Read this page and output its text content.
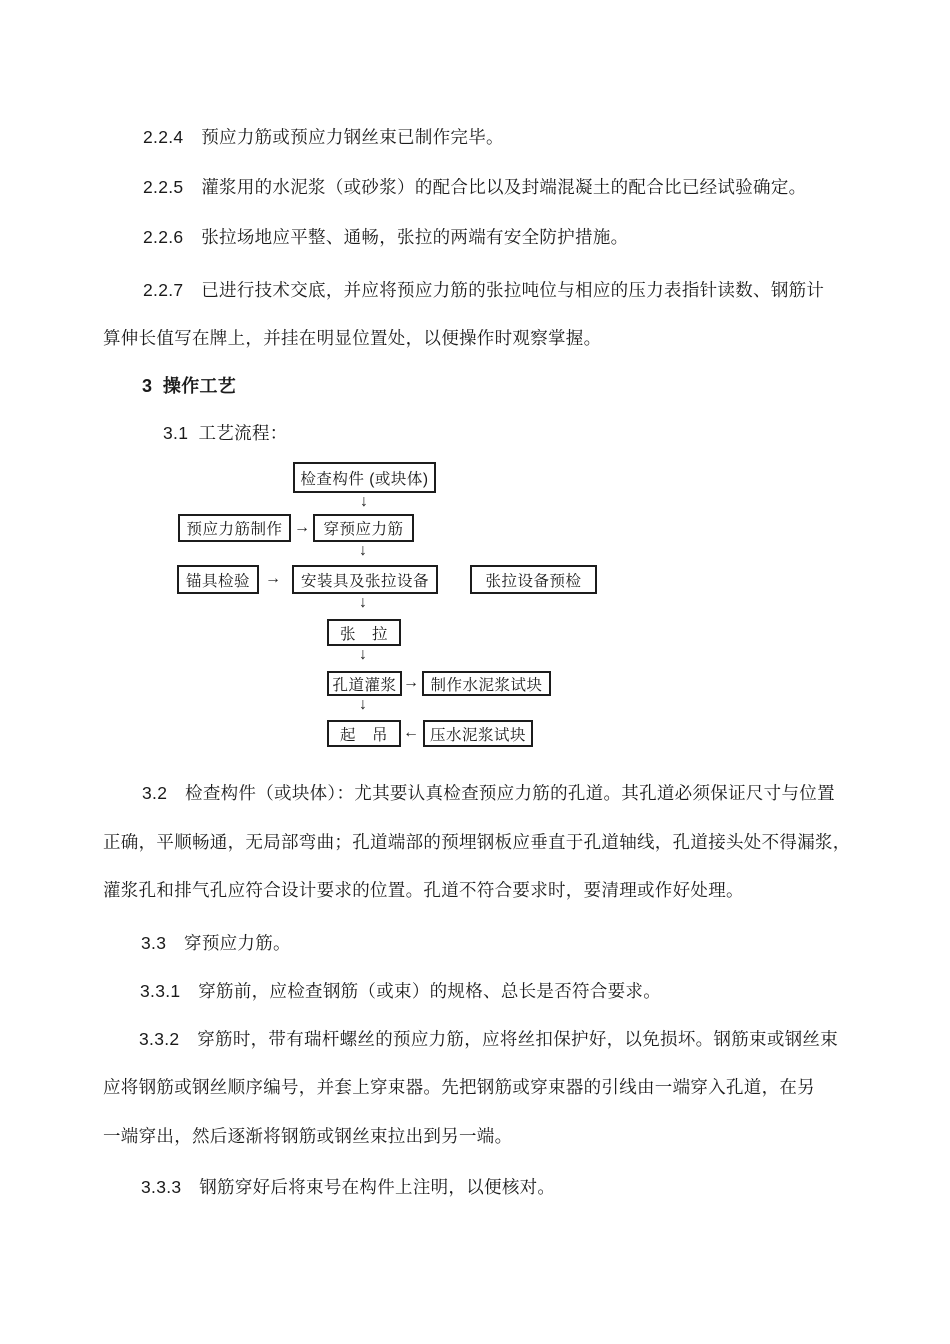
2.2.4　预应力筋或预应力钢丝束已制作完毕。
2.2.5　灌浆用的水泥浆（或砂浆）的配合比以及封端混凝土的配合比已经试验确定。
2.2.6　张拉场地应平整、通畅，张拉的两端有安全防护措施。
2.2.7　已进行技术交底，并应将预应力筋的张拉吨位与相应的压力表指针读数、钢筋计
算伸长值写在牌上，并挂在明显位置处，以便操作时观察掌握。
3  操作工艺
3.1  工艺流程：
检查构件 (或块体)
↓
预应力筋制作 → 穿预应力筋
↓
锚具检验 →	安装具及张拉设备	张拉设备预检
↓
张　拉
↓
孔道灌浆 → 制作水泥浆试块
↓
起　吊 ← 压水泥浆试块
3.2　检查构件（或块体）：尤其要认真检查预应力筋的孔道。其孔道必须保证尺寸与位置
正确，平顺畅通，无局部弯曲；孔道端部的预埋钢板应垂直于孔道轴线，孔道接头处不得漏浆，
灌浆孔和排气孔应符合设计要求的位置。孔道不符合要求时，要清理或作好处理。
3.3　穿预应力筋。
3.3.1　穿筋前，应检查钢筋（或束）的规格、总长是否符合要求。
3.3.2　穿筋时，带有瑞杆螺丝的预应力筋，应将丝扣保护好，以免损坏。钢筋束或钢丝束
应将钢筋或钢丝顺序编号，并套上穿束器。先把钢筋或穿束器的引线由一端穿入孔道，在另
一端穿出，然后逐渐将钢筋或钢丝束拉出到另一端。
3.3.3　钢筋穿好后将束号在构件上注明，以便核对。
